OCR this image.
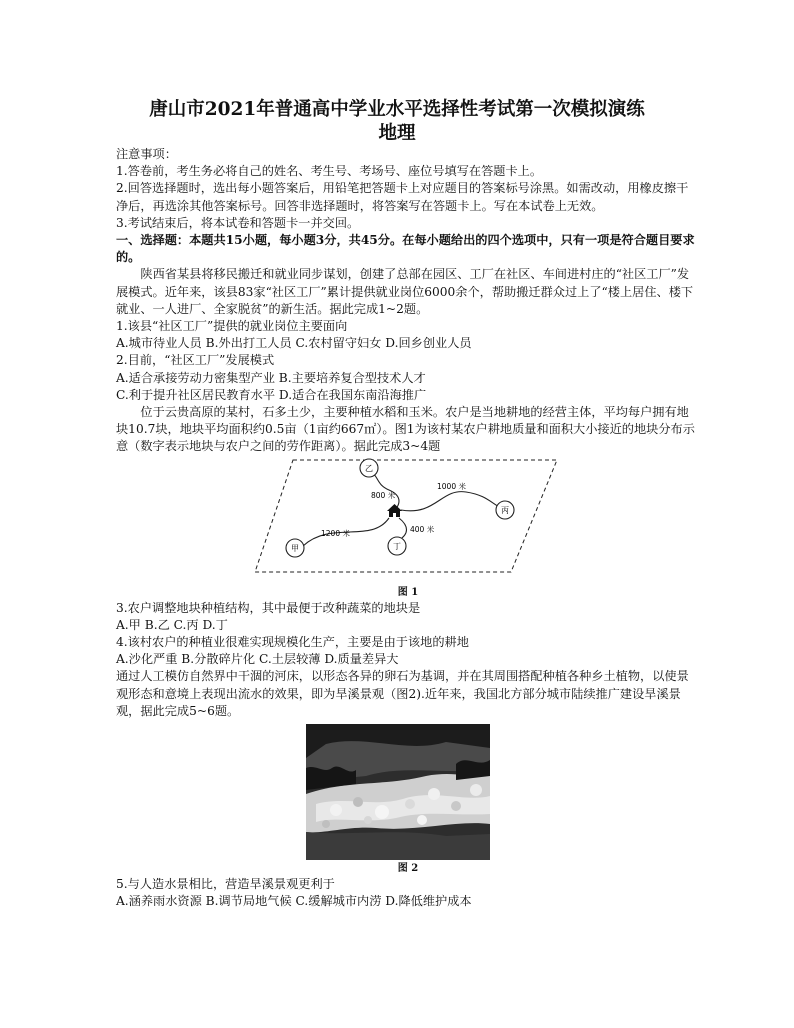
唐山市2021年普通高中学业水平选择性考试第一次模拟演练
地理

注意事项：

1.答卷前，考生务必将自己的姓名、考生号、考场号、座位号填写在答题卡上。

2.回答选择题时，选出每小题答案后，用铅笔把答题卡上对应题目的答案标号涂黑。如需改动，用橡皮擦干净后，再选涂其他答案标号。回答非选择题时，将答案写在答题卡上。写在本试卷上无效。

3.考试结束后，将本试卷和答题卡一并交回。

一、选择题：本题共15小题，每小题3分，共45分。在每小题给出的四个选项中，只有一项是符合题目要求的。

陕西省某县将移民搬迁和就业同步谋划，创建了总部在园区、工厂在社区、车间进村庄的“社区工厂”发展模式。近年来，该县83家“社区工厂”累计提供就业岗位6000余个，帮助搬迁群众过上了“楼上居住、楼下就业、一人进厂、全家脱贫”的新生活。据此完成1~2题。

1.该县“社区工厂”提供的就业岗位主要面向

A.城市待业人员 B.外出打工人员 C.农村留守妇女 D.回乡创业人员

2.目前，“社区工厂”发展模式

A.适合承接劳动力密集型产业 B.主要培养复合型技术人才

C.利于提升社区居民教育水平 D.适合在我国东南沿海推广

位于云贵高原的某村，石多土少，主要种植水稻和玉米。农户是当地耕地的经营主体，平均每户拥有地块10.7块，地块平均面积约0.5亩（1亩约667㎡）。图1为该村某农户耕地质量和面积大小接近的地块分布示意（数字表示地块与农户之间的劳作距离）。据此完成3~4题

乙
丙
丁
甲
800 米
1000 米
400 米
1200 米

图 1

3.农户调整地块种植结构，其中最便于改种蔬菜的地块是

A.甲 B.乙 C.丙 D.丁

4.该村农户的种植业很难实现规模化生产，主要是由于该地的耕地

A.沙化严重 B.分散碎片化 C.土层较薄 D.质量差异大

通过人工模仿自然界中干涸的河床，以形态各异的卵石为基调，并在其周围搭配种植各种乡土植物，以使景观形态和意境上表现出流水的效果，即为旱溪景观（图2).近年来，我国北方部分城市陆续推广建设旱溪景观，据此完成5~6题。

图 2

5.与人造水景相比，营造旱溪景观更利于

A.涵养雨水资源 B.调节局地气候 C.缓解城市内涝 D.降低维护成本
